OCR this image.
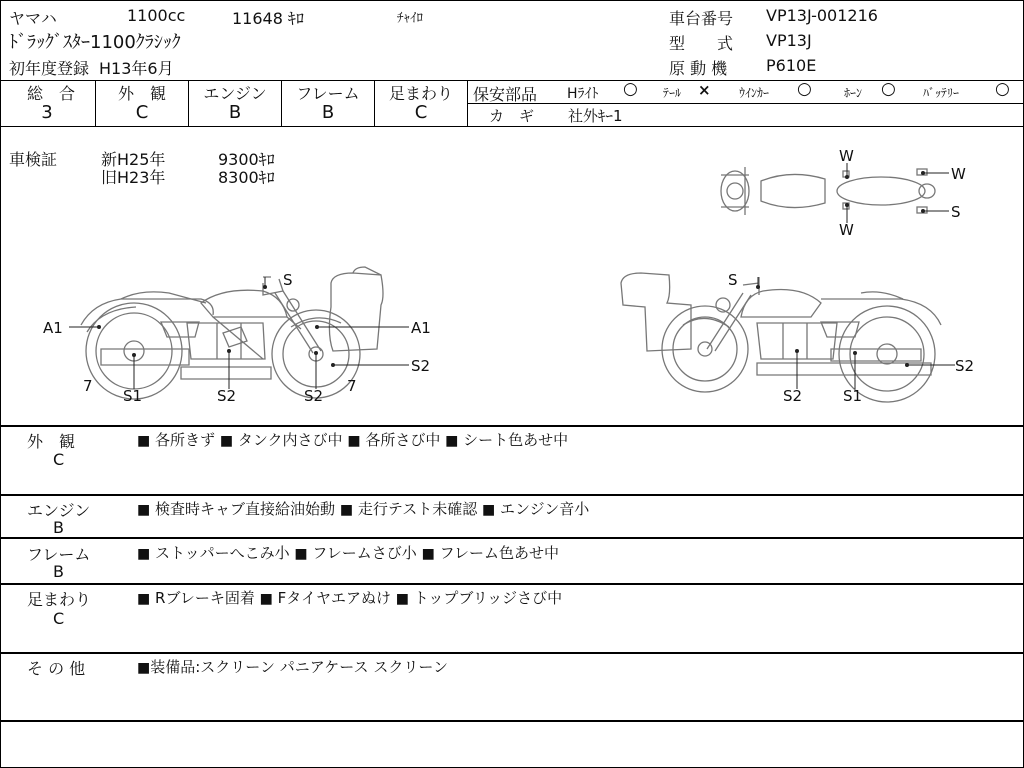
ヤマハ	1100cc	11648 ｷﾛ	ﾁｬｲﾛ
ﾄﾞﾗｯｸﾞｽﾀｰ1100ｸﾗｼｯｸ
初年度登録 H13年6月
車台番号 VP13J-001216
型　　式 VP13J
原 動 機 P610E
総　合
3
外　観
C
エンジン
B
フレーム
B
足まわり
C
保安部品 Hﾗｲﾄ ○ ﾃｰﾙ × ｳｲﾝｶｰ ○	ﾎｰﾝ ○ ﾊﾞｯﾃﾘｰ ○
カ　ギ 社外ｷｰ1
車検証	新H25年	9300ｷﾛ
旧H23年	8300ｷﾛ
S
A1	A1
7
S1	S2	S2
7
S2
S
S2
S2	S1
W
W
W
S
外　観
C
■ 各所きず ■ タンク内さび中 ■ 各所さび中 ■ シート色あせ中
エンジン
B
■ 検査時キャブ直接給油始動 ■ 走行テスト未確認 ■ エンジン音小
フレーム
B
■ ストッパーへこみ小 ■ フレームさび小 ■ フレーム色あせ中
足まわり
C
■ Rブレーキ固着 ■ Fタイヤエアぬけ ■ トップブリッジさび中
そ の 他	■装備品:スクリーン パニアケース スクリーン
